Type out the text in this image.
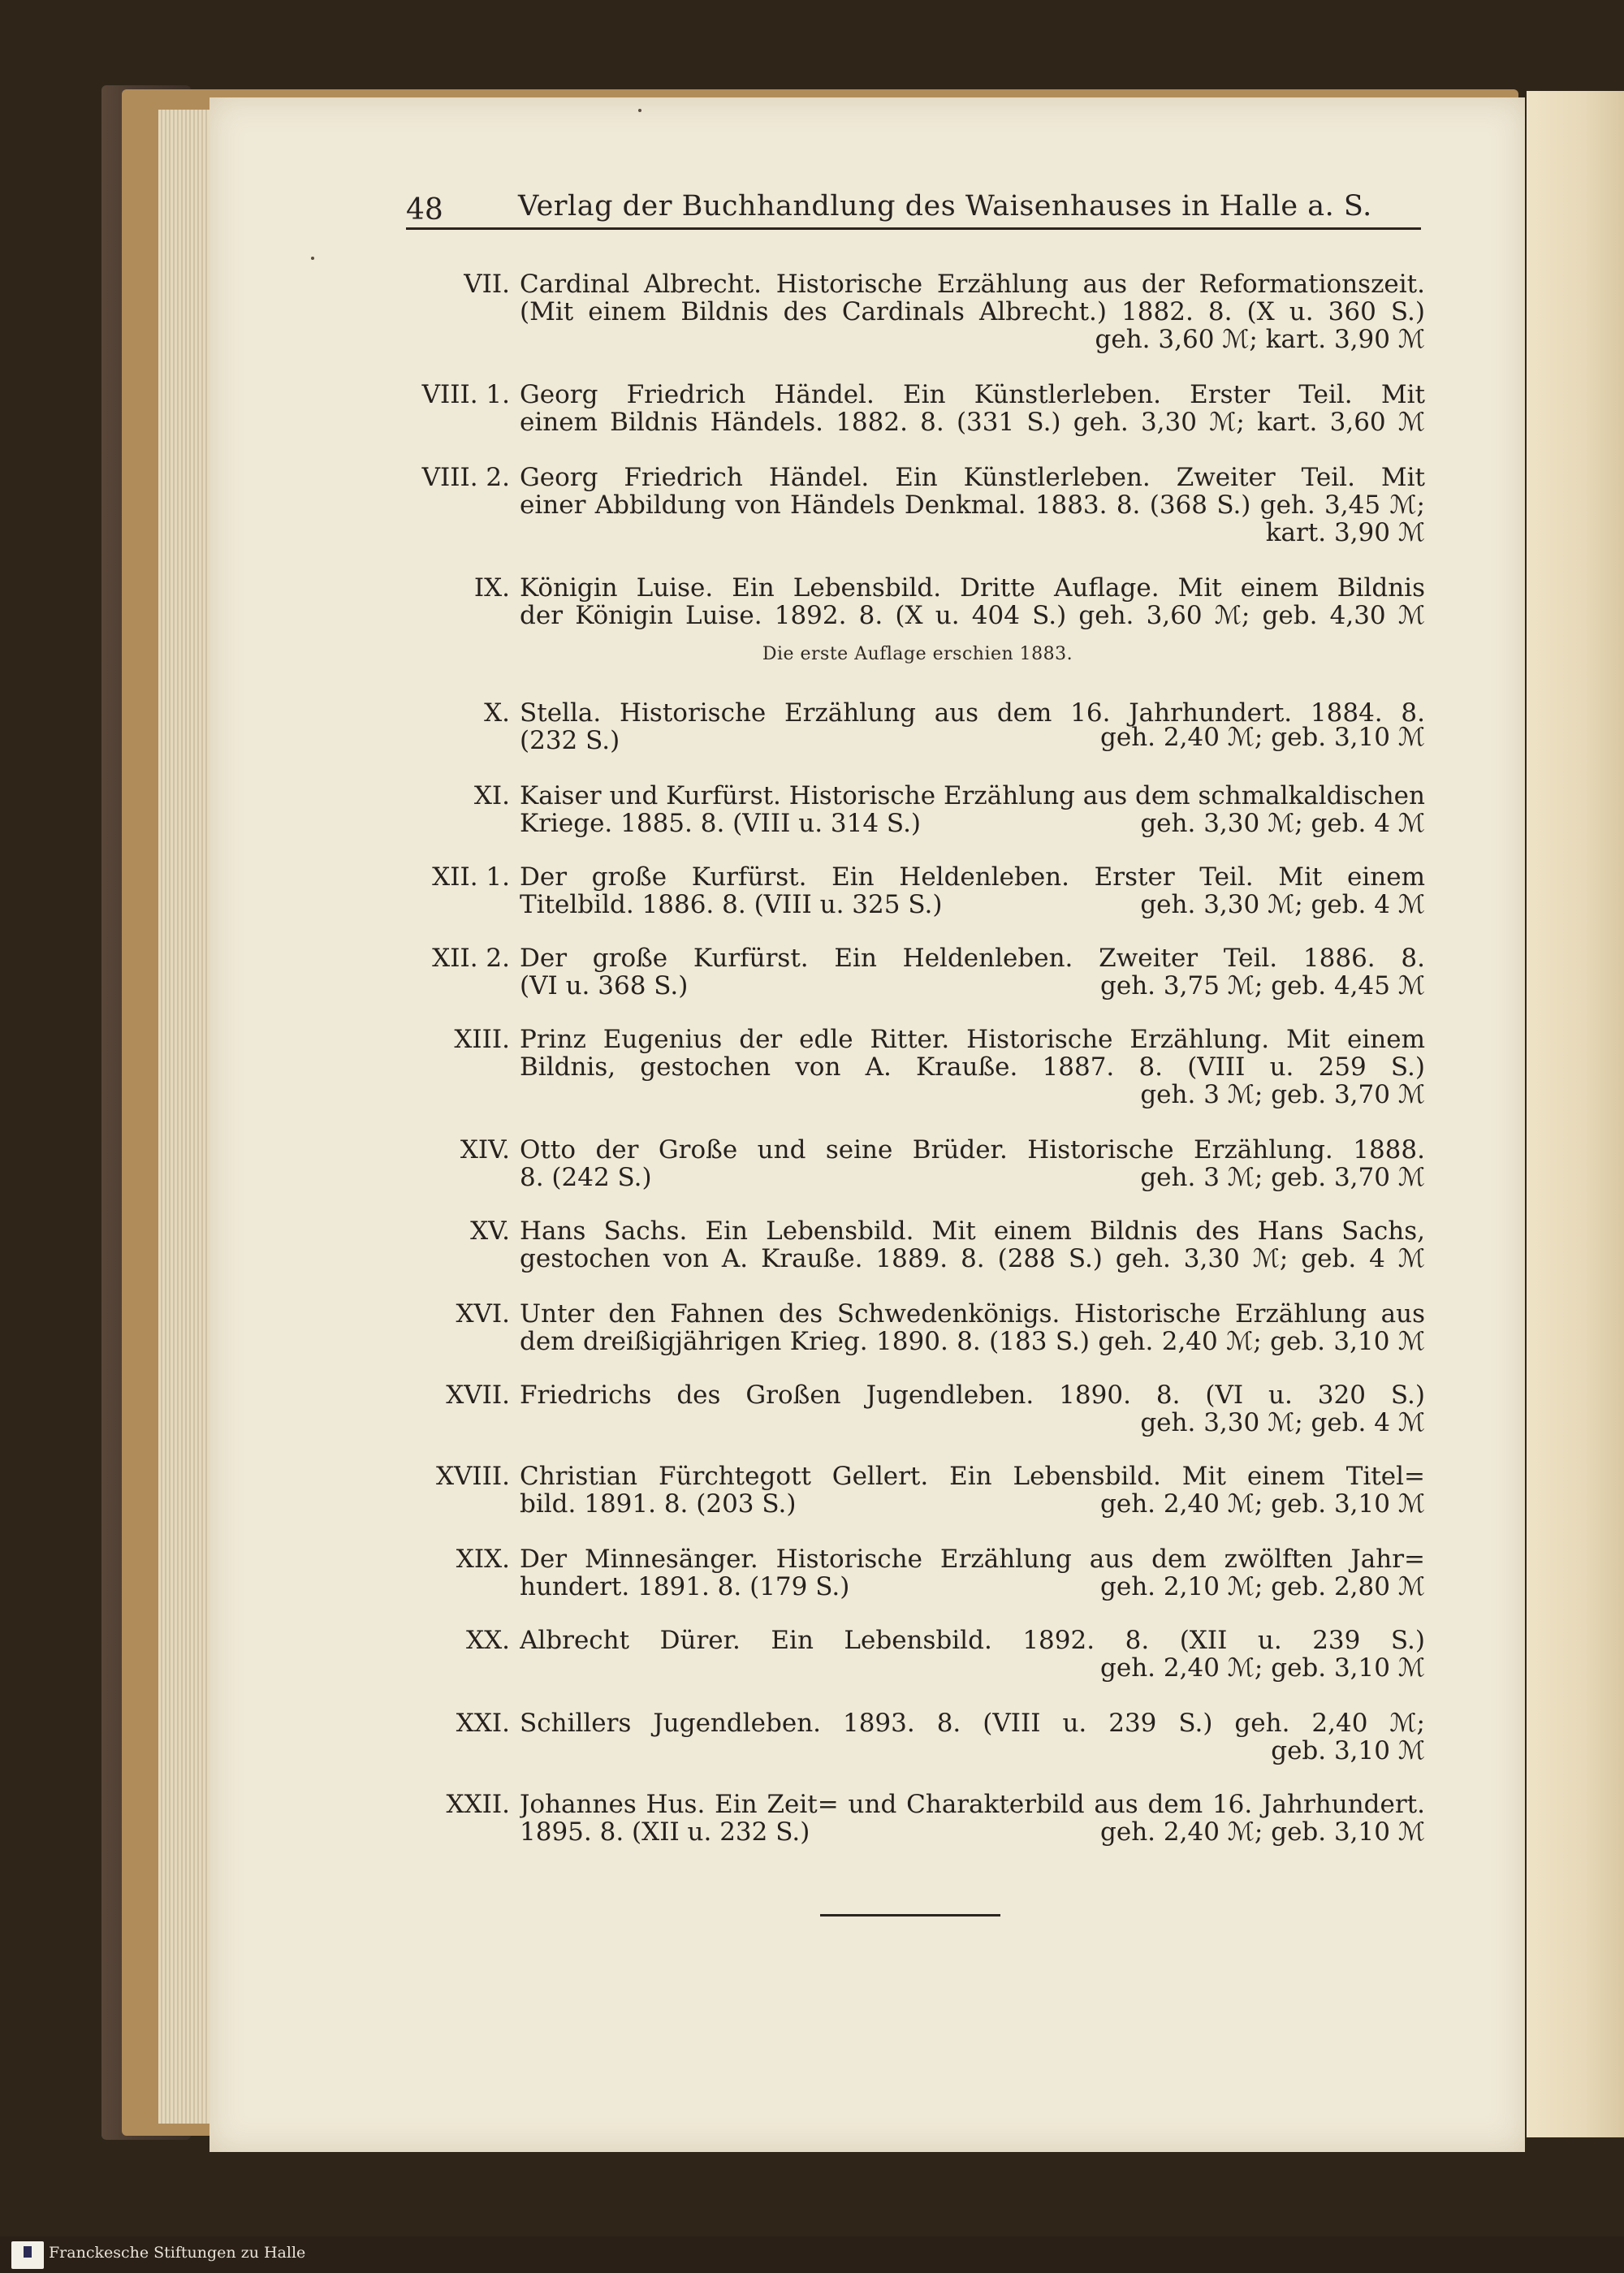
48	Verlag der Buchhandlung des Waisenhauses in Halle a. S.
VII. Cardinal Albrecht. Historische Erzählung aus der Reformationszeit.
(Mit einem Bildnis des Cardinals Albrecht.) 1882. 8. (X u. 360 S.)
geh. 3,60 ℳ; kart. 3,90 ℳ
VIII. 1. Georg Friedrich Händel. Ein Künstlerleben. Erster Teil. Mit
einem Bildnis Händels. 1882. 8. (331 S.) geh. 3,30 ℳ; kart. 3,60 ℳ
VIII. 2. Georg Friedrich Händel. Ein Künstlerleben. Zweiter Teil. Mit
einer Abbildung von Händels Denkmal. 1883. 8. (368 S.) geh. 3,45 ℳ;
kart. 3,90 ℳ
IX. Königin Luise. Ein Lebensbild. Dritte Auflage. Mit einem Bildnis
der Königin Luise. 1892. 8. (X u. 404 S.) geh. 3,60 ℳ; geb. 4,30 ℳ
Die erste Auflage erschien 1883.
X. Stella. Historische Erzählung aus dem 16. Jahrhundert. 1884. 8.
(232 S.)	geh. 2,40 ℳ; geb. 3,10 ℳ
XI. Kaiser und Kurfürst. Historische Erzählung aus dem schmalkaldischen
Kriege. 1885. 8. (VIII u. 314 S.)	geh. 3,30 ℳ; geb. 4 ℳ
XII. 1. Der große Kurfürst. Ein Heldenleben. Erster Teil. Mit einem
Titelbild. 1886. 8. (VIII u. 325 S.)	geh. 3,30 ℳ; geb. 4 ℳ
XII. 2. Der große Kurfürst. Ein Heldenleben. Zweiter Teil. 1886. 8.
(VI u. 368 S.)	geh. 3,75 ℳ; geb. 4,45 ℳ
XIII. Prinz Eugenius der edle Ritter. Historische Erzählung. Mit einem
Bildnis, gestochen von A. Krauße. 1887. 8. (VIII u. 259 S.)
geh. 3 ℳ; geb. 3,70 ℳ
XIV. Otto der Große und seine Brüder. Historische Erzählung. 1888.
8. (242 S.)	geh. 3 ℳ; geb. 3,70 ℳ
XV. Hans Sachs. Ein Lebensbild. Mit einem Bildnis des Hans Sachs,
gestochen von A. Krauße. 1889. 8. (288 S.) geh. 3,30 ℳ; geb. 4 ℳ
XVI. Unter den Fahnen des Schwedenkönigs. Historische Erzählung aus
dem dreißigjährigen Krieg. 1890. 8. (183 S.) geh. 2,40 ℳ; geb. 3,10 ℳ
XVII. Friedrichs des Großen Jugendleben. 1890. 8. (VI u. 320 S.)
geh. 3,30 ℳ; geb. 4 ℳ
XVIII. Christian Fürchtegott Gellert. Ein Lebensbild. Mit einem Titel=
bild. 1891. 8. (203 S.)	geh. 2,40 ℳ; geb. 3,10 ℳ
XIX. Der Minnesänger. Historische Erzählung aus dem zwölften Jahr=
hundert. 1891. 8. (179 S.)	geh. 2,10 ℳ; geb. 2,80 ℳ
XX. Albrecht Dürer. Ein Lebensbild. 1892. 8. (XII u. 239 S.)
geh. 2,40 ℳ; geb. 3,10 ℳ
XXI. Schillers Jugendleben. 1893. 8. (VIII u. 239 S.) geh. 2,40 ℳ;
geb. 3,10 ℳ
XXII. Johannes Hus. Ein Zeit= und Charakterbild aus dem 16. Jahrhundert.
1895. 8. (XII u. 232 S.)	geh. 2,40 ℳ; geb. 3,10 ℳ
Franckesche Stiftungen zu Halle
